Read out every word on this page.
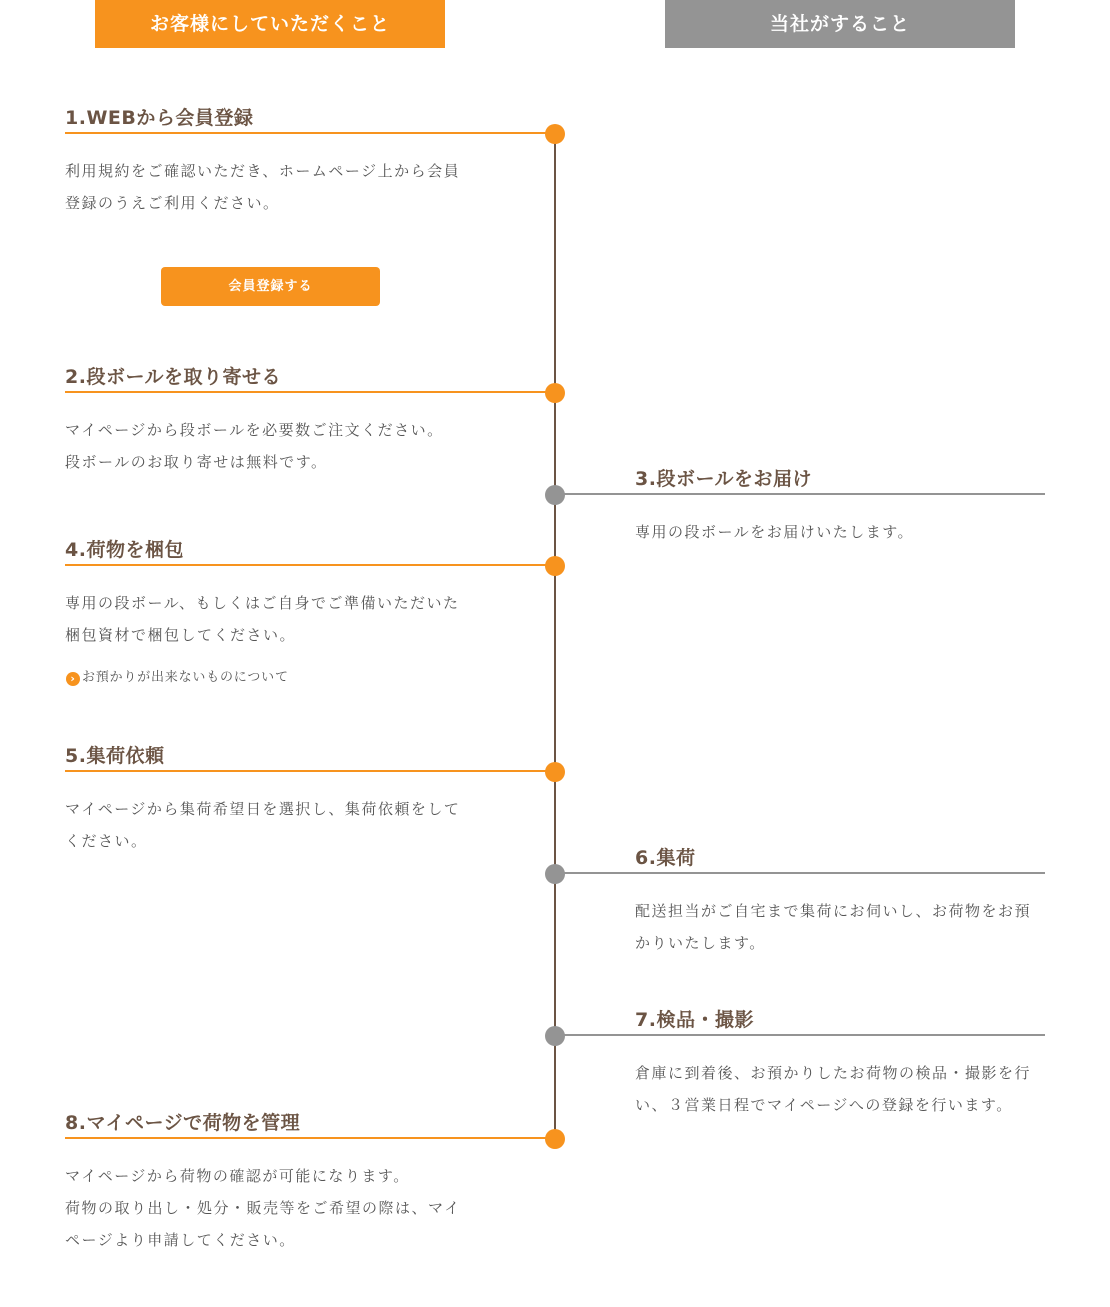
お客様にしていただくこと	当社がすること
1.WEBから会員登録

利用規約をご確認いただき、ホームページ上から会員

登録のうえご利用ください。

会員登録する
2.段ボールを取り寄せる

マイページから段ボールを必要数ご注文ください。

段ボールのお取り寄せは無料です。

3.段ボールをお届け

専用の段ボールをお届けいたします。

4.荷物を梱包

専用の段ボール、もしくはご自身でご準備いただいた

梱包資材で梱包してください。

› お預かりが出来ないものについて
5.集荷依頼

マイページから集荷希望日を選択し、集荷依頼をして

ください。

6.集荷

配送担当がご自宅まで集荷にお伺いし、お荷物をお預

かりいたします。

7.検品・撮影

倉庫に到着後、お預かりしたお荷物の検品・撮影を行

い、３営業日程でマイページへの登録を行います。

8.マイページで荷物を管理

マイページから荷物の確認が可能になります。

荷物の取り出し・処分・販売等をご希望の際は、マイ

ページより申請してください。
